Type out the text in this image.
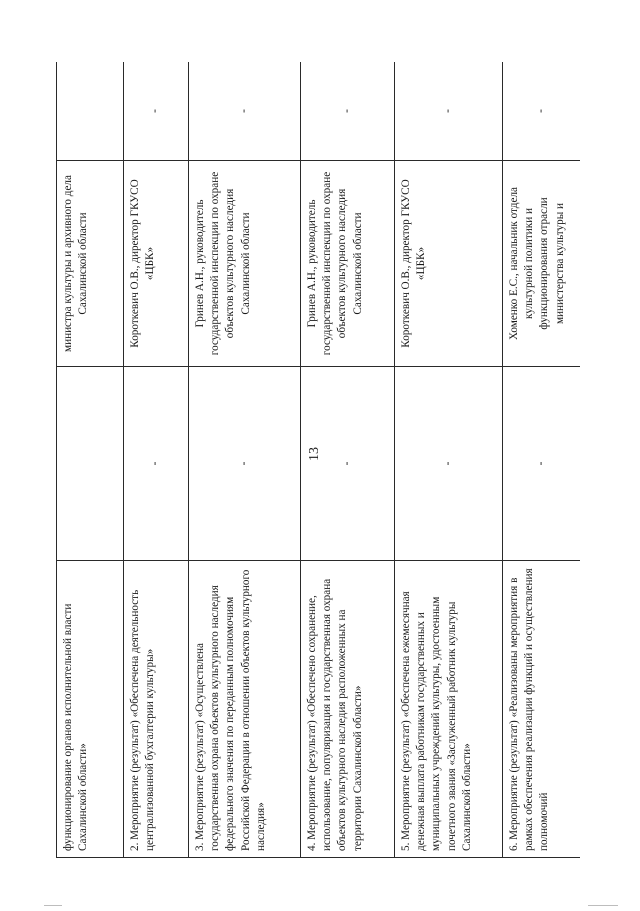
13
функционирование органов исполнительной власти Сахалинской области»		министра культуры и архивного дела Сахалинской области	
2. Мероприятие (результат) «Обеспечена деятельность централизованной бухгалтерии культуры»	-	Короткевич О.В., директор ГКУСО «ЦБК»	-
3. Мероприятие (результат) «Осуществлена государственная охрана объектов культурного наследия федерального значения по переданным полномочиям Российской Федерации в отношении объектов культурного наследия»	-	Гринев А.Н., руководитель государственной инспекции по охране объектов культурного наследия Сахалинской области	-
4. Мероприятие (результат) «Обеспечено сохранение, использование, популяризация и государственная охрана объектов культурного наследия расположенных на территории Сахалинской области»	-	Гринев А.Н., руководитель государственной инспекции по охране объектов культурного наследия Сахалинской области	-
5. Мероприятие (результат) «Обеспечена ежемесячная денежная выплата работникам государственных и муниципальных учреждений культуры, удостоенным почетного звания «Заслуженный работник культуры Сахалинской области»	-	Короткевич О.В., директор ГКУСО «ЦБК»	-
6. Мероприятие (результат) «Реализованы мероприятия в рамках обеспечения реализации функций и осуществления полномочий	-	Хоменко Е.С., начальник отдела культурной политики и функционирования отрасли министерства культуры и	-
